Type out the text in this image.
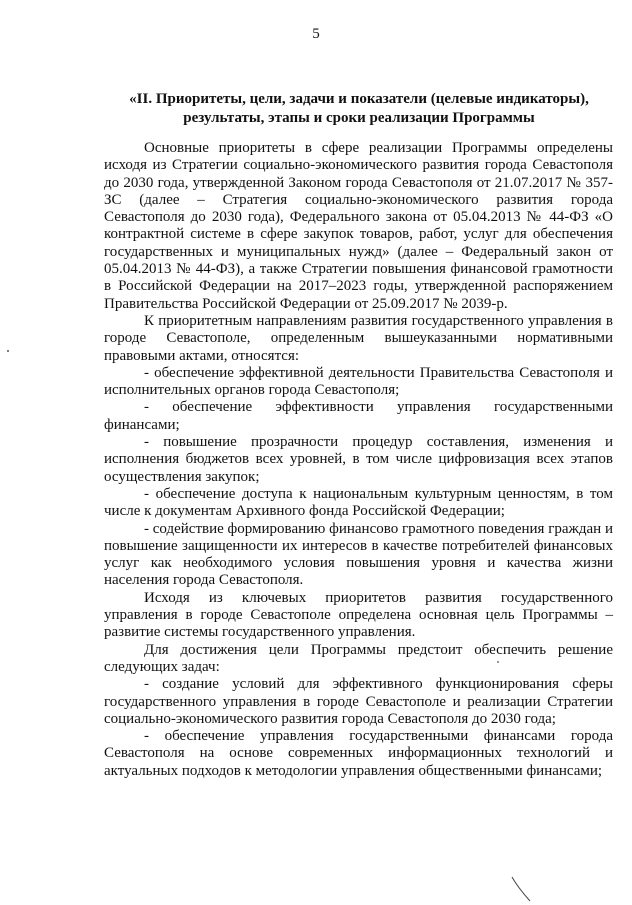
5
«II. Приоритеты, цели, задачи и показатели (целевые индикаторы),
результаты, этапы и сроки реализации Программы

Основные приоритеты в сфере реализации Программы определены исходя из Стратегии социально-экономического развития города Севастополя до 2030 года, утвержденной Законом города Севастополя от 21.07.2017 № 357-ЗС (далее – Стратегия социально-экономического развития города Севастополя до 2030 года), Федерального закона от 05.04.2013 № 44-ФЗ «О контрактной системе в сфере закупок товаров, работ, услуг для обеспечения государственных и муниципальных нужд» (далее – Федеральный закон от 05.04.2013 № 44-ФЗ), а также Стратегии повышения финансовой грамотности в Российской Федерации на 2017–2023 годы, утвержденной распоряжением Правительства Российской Федерации от 25.09.2017 № 2039-р.

К приоритетным направлениям развития государственного управления в городе Севастополе, определенным вышеуказанными нормативными правовыми актами, относятся:

- обеспечение эффективной деятельности Правительства Севастополя и исполнительных органов города Севастополя;

- обеспечение эффективности управления государственными финансами;

- повышение прозрачности процедур составления, изменения и исполнения бюджетов всех уровней, в том числе цифровизация всех этапов осуществления закупок;

- обеспечение доступа к национальным культурным ценностям, в том числе к документам Архивного фонда Российской Федерации;

- содействие формированию финансово грамотного поведения граждан и повышение защищенности их интересов в качестве потребителей финансовых услуг как необходимого условия повышения уровня и качества жизни населения города Севастополя.

Исходя из ключевых приоритетов развития государственного управления в городе Севастополе определена основная цель Программы – развитие системы государственного управления.

Для достижения цели Программы предстоит обеспечить решение следующих задач:

- создание условий для эффективного функционирования сферы государственного управления в городе Севастополе и реализации Стратегии социально-экономического развития города Севастополя до 2030 года;

- обеспечение управления государственными финансами города Севастополя на основе современных информационных технологий и актуальных подходов к методологии управления общественными финансами;
